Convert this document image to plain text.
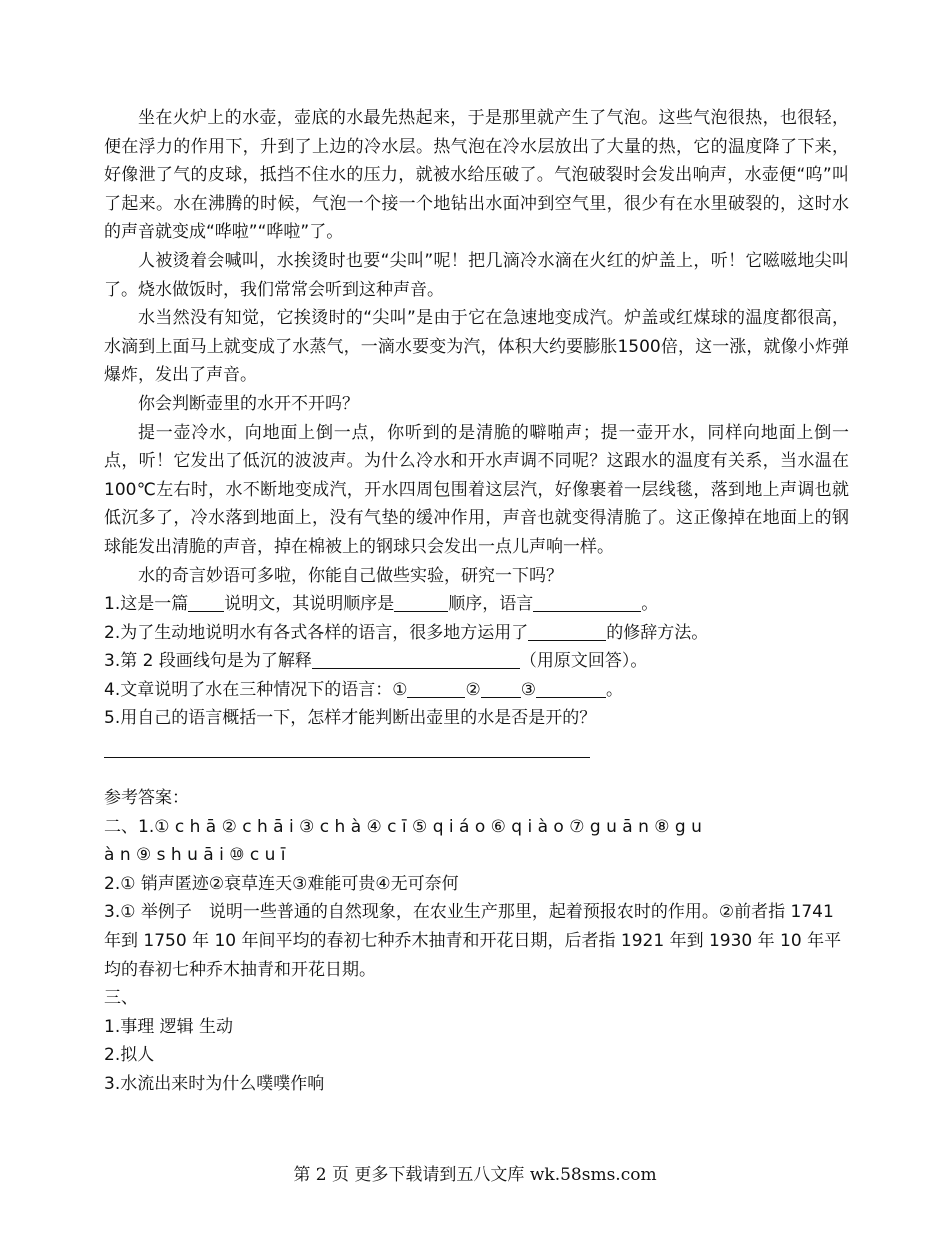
坐在火炉上的水壶，壶底的水最先热起来，于是那里就产生了气泡。这些气泡很热，也很轻，便在浮力的作用下，升到了上边的冷水层。热气泡在冷水层放出了大量的热，它的温度降了下来，好像泄了气的皮球，抵挡不住水的压力，就被水给压破了。气泡破裂时会发出响声，水壶便“呜”叫了起来。水在沸腾的时候，气泡一个接一个地钻出水面冲到空气里，很少有在水里破裂的，这时水的声音就变成“哗啦”“哗啦”了。

人被烫着会喊叫，水挨烫时也要“尖叫”呢！把几滴冷水滴在火红的炉盖上，听！它嗞嗞地尖叫了。烧水做饭时，我们常常会听到这种声音。

水当然没有知觉，它挨烫时的“尖叫”是由于它在急速地变成汽。炉盖或红煤球的温度都很高，水滴到上面马上就变成了水蒸气，一滴水要变为汽，体积大约要膨胀1500倍，这一涨，就像小炸弹爆炸，发出了声音。

你会判断壶里的水开不开吗？

提一壶冷水，向地面上倒一点，你听到的是清脆的噼啪声；提一壶开水，同样向地面上倒一点，听！它发出了低沉的波波声。为什么冷水和开水声调不同呢？这跟水的温度有关系，当水温在100℃左右时，水不断地变成汽，开水四周包围着这层汽，好像裹着一层线毯，落到地上声调也就低沉多了，冷水落到地面上，没有气垫的缓冲作用，声音也就变得清脆了。这正像掉在地面上的钢球能发出清脆的声音，掉在棉被上的钢球只会发出一点儿声响一样。

水的奇言妙语可多啦，你能自己做些实验，研究一下吗？

1.这是一篇 说明文，其说明顺序是	顺序，语言	。

2.为了生动地说明水有各式各样的语言，很多地方运用了	的修辞方法。

3.第 2 段画线句是为了解释	（用原文回答）。

4.文章说明了水在三种情况下的语言：①	② ③	。

5.用自己的语言概括一下，怎样才能判断出壶里的水是否是开的？

参考答案：

二、1.① c h ā ② c h ā i ③ c h à ④ c ī ⑤ q i á o ⑥ q i à o ⑦ g u ā n ⑧ g u

à n ⑨ s h u ā i ⑩ c u ī

2.① 销声匿迹②衰草连天③难能可贵④无可奈何

3.① 举例子　说明一些普通的自然现象，在农业生产那里，起着预报农时的作用。②前者指 1741 年到 1750 年 10 年间平均的春初七种乔木抽青和开花日期，后者指 1921 年到 1930 年 10 年平均的春初七种乔木抽青和开花日期。

三、

1.事理 逻辑 生动

2.拟人

3.水流出来时为什么噗噗作响

第 2 页 更多下载请到五八文库 wk.58sms.com
